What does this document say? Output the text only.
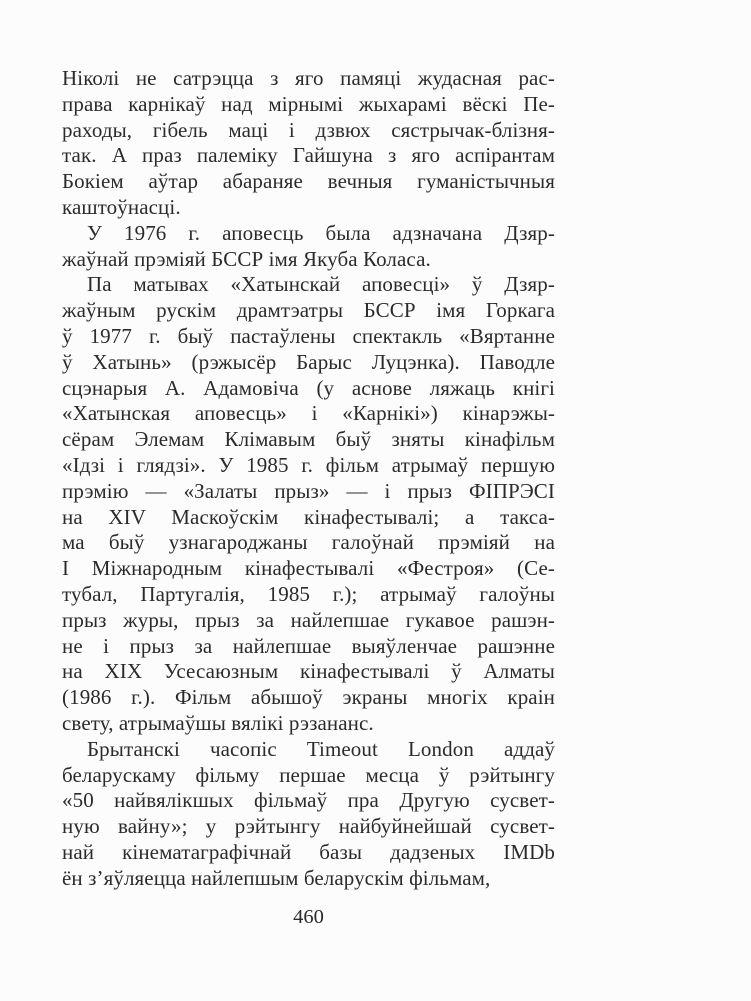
Ніколі не сатрэцца з яго памяці жудасная рас-
права карнікаў над мірнымі жыхарамі вёскі Пе-
раходы, гібель маці і дзвюх сястрычак-блізня-
так. А праз палеміку Гайшуна з яго аспірантам
Бокіем аўтар абараняе вечныя гуманістычныя
каштоўнасці.
У 1976 г. аповесць была адзначана Дзяр-
жаўнай прэміяй БССР імя Якуба Коласа.
Па матывах «Хатынскай аповесці» ў Дзяр-
жаўным рускім драмтэатры БССР імя Горкага
ў 1977 г. быў пастаўлены спектакль «Вяртанне
ў Хатынь» (рэжысёр Барыс Луцэнка). Паводле
сцэнарыя А. Адамовіча (у аснове ляжаць кнігі
«Хатынская аповесць» і «Карнікі») кінарэжы-
сёрам Элемам Клімавым быў зняты кінафільм
«Ідзі і глядзі». У 1985 г. фільм атрымаў першую
прэмію — «Залаты прыз» — і прыз ФІПРЭСІ
на XIV Маскоўскім кінафестывалі; а такса-
ма быў узнагароджаны галоўнай прэміяй на
І Міжнародным кінафестывалі «Фестроя» (Се-
тубал, Партугалія, 1985 г.); атрымаў галоўны
прыз журы, прыз за найлепшае гукавое рашэн-
не і прыз за найлепшае выяўленчае рашэнне
на XIX Усесаюзным кінафестывалі ў Алматы
(1986 г.). Фільм абышоў экраны многіх краін
свету, атрымаўшы вялікі рэзананс.
Брытанскі часопіс Timeout London аддаў
беларускаму фільму першае месца ў рэйтынгу
«50 найвялікшых фільмаў пра Другую сусвет-
ную вайну»; у рэйтынгу найбуйнейшай сусвет-
най кінематаграфічнай базы дадзеных IMDb
ён з’яўляецца найлепшым беларускім фільмам,
460
